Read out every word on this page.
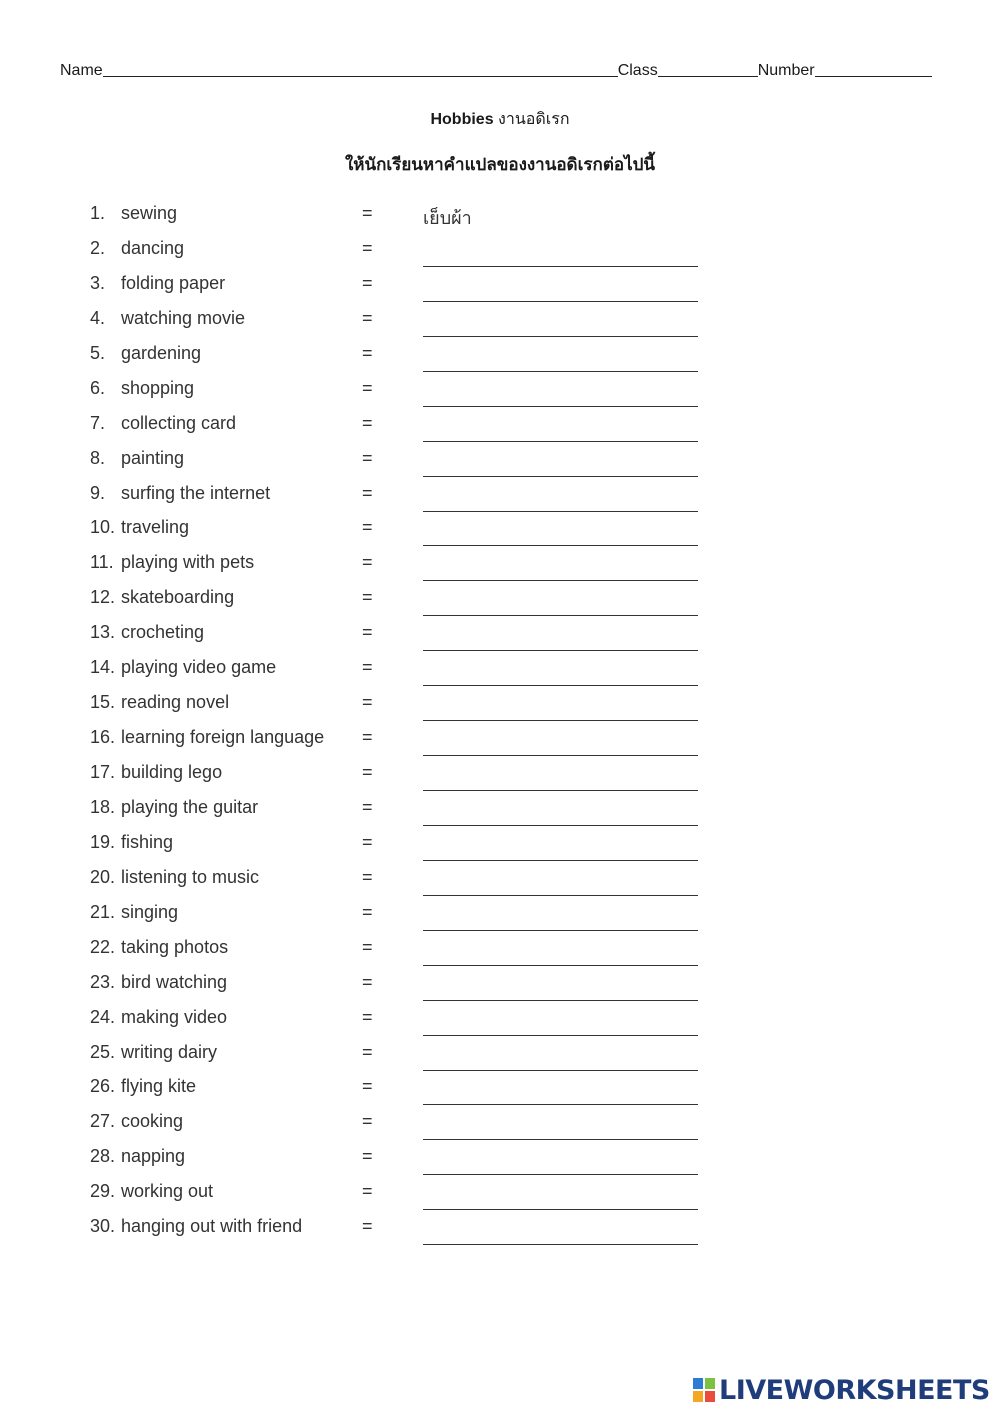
Name	Class	Number
Hobbies งานอดิเรก
ให้นักเรียนหาคำแปลของงานอดิเรกต่อไปนี้
1. sewing	=	เย็บผ้า
2. dancing	=
3. folding paper	=
4. watching movie	=
5. gardening	=
6. shopping	=
7. collecting card	=
8. painting	=
9. surfing the internet	=
10. traveling	=
11. playing with pets	=
12. skateboarding	=
13. crocheting	=
14. playing video game	=
15. reading novel	=
16. learning foreign language =
17. building lego	=
18. playing the guitar	=
19. fishing	=
20. listening to music	=
21. singing	=
22. taking photos	=
23. bird watching	=
24. making video	=
25. writing dairy	=
26. flying kite	=
27. cooking	=
28. napping	=
29. working out	=
30. hanging out with friend	=
LIVEWORKSHEETS
